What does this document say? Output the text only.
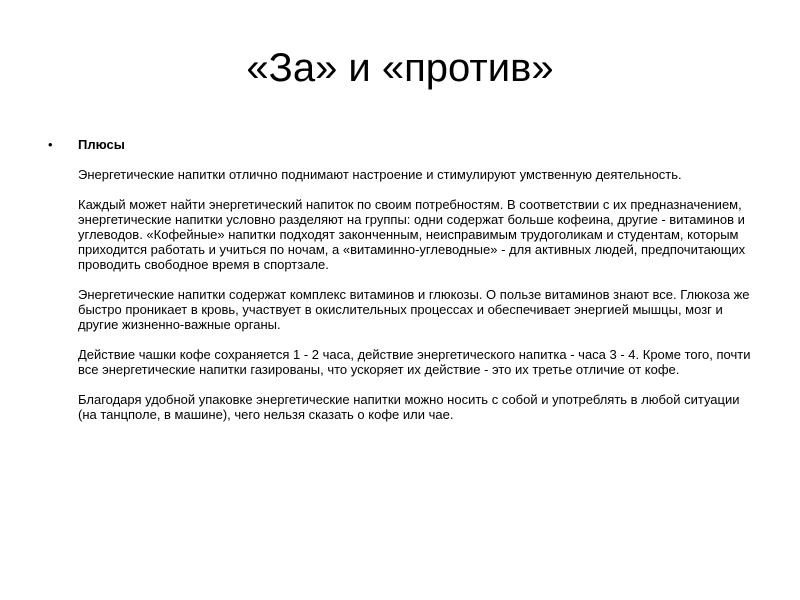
«За» и «против»
• Плюсы

Энергетические напитки отлично поднимают настроение и стимулируют умственную деятельность.

Каждый может найти энергетический напиток по своим потребностям. В соответствии с их предназначением, энергетические напитки условно разделяют на группы: одни содержат больше кофеина, другие - витаминов и углеводов. «Кофейные» напитки подходят законченным, неисправимым трудоголикам и студентам, которым приходится работать и учиться по ночам, а «витаминно-углеводные» - для активных людей, предпочитающих проводить свободное время в спортзале.

Энергетические напитки содержат комплекс витаминов и глюкозы. О пользе витаминов знают все. Глюкоза же быстро проникает в кровь, участвует в окислительных процессах и обеспечивает энергией мышцы, мозг и другие жизненно-важные органы.

Действие чашки кофе сохраняется 1 - 2 часа, действие энергетического напитка - часа 3 - 4. Кроме того, почти все энергетические напитки газированы, что ускоряет их действие - это их третье отличие от кофе.

Благодаря удобной упаковке энергетические напитки можно носить с собой и употреблять в любой ситуации (на танцполе, в машине), чего нельзя сказать о кофе или чае.
